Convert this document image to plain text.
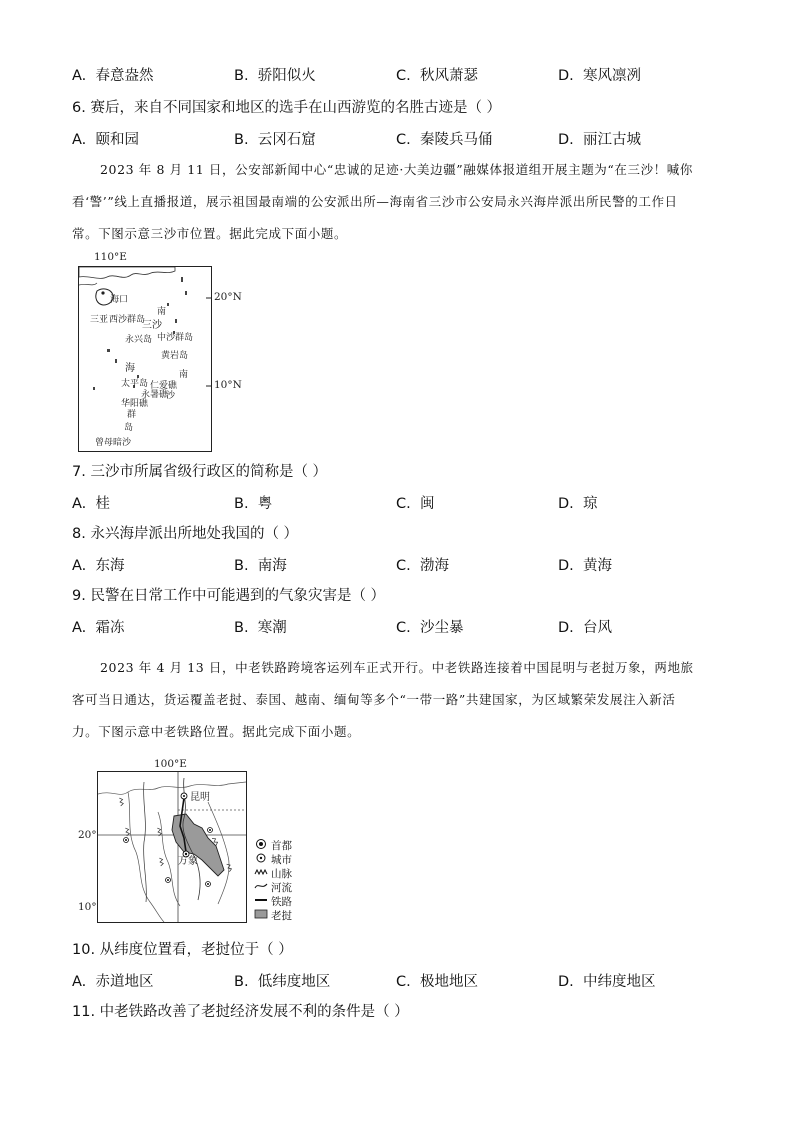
A. 春意盎然	B. 骄阳似火	C. 秋风萧瑟	D. 寒风凛冽
6. 赛后，来自不同国家和地区的选手在山西游览的名胜古迹是（ ）
A. 颐和园	B. 云冈石窟	C. 秦陵兵马俑	D. 丽江古城
2023 年 8 月 11 日，公安部新闻中心“忠诚的足迹·大美边疆”融媒体报道组开展主题为“在三沙！喊你
看‘警’”线上直播报道，展示祖国最南端的公安派出所—海南省三沙市公安局永兴海岸派出所民警的工作日
常。下图示意三沙市位置。据此完成下面小题。
110°E
海口
南
三亚 西沙群岛
三沙
中沙群岛
永兴岛
黄岩岛
海
南
太平岛 仁爱礁
永暑礁
沙
华阳礁
群
岛
曾母暗沙
20°N
10°N
7. 三沙市所属省级行政区的简称是（ ）
A. 桂	B. 粤	C. 闽	D. 琼
8. 永兴海岸派出所地处我国的（ ）
A. 东海	B. 南海	C. 渤海	D. 黄海
9. 民警在日常工作中可能遇到的气象灾害是（ ）
A. 霜冻	B. 寒潮	C. 沙尘暴	D. 台风
2023 年 4 月 13 日，中老铁路跨境客运列车正式开行。中老铁路连接着中国昆明与老挝万象，两地旅
客可当日通达，货运覆盖老挝、泰国、越南、缅甸等多个“一带一路”共建国家，为区域繁荣发展注入新活
力。下图示意中老铁路位置。据此完成下面小题。
100°E
昆明
万象
20°
10°
首都
城市
山脉
河流
铁路
老挝
10. 从纬度位置看，老挝位于（ ）
A. 赤道地区	B. 低纬度地区	C. 极地地区	D. 中纬度地区
11. 中老铁路改善了老挝经济发展不利的条件是（ ）
